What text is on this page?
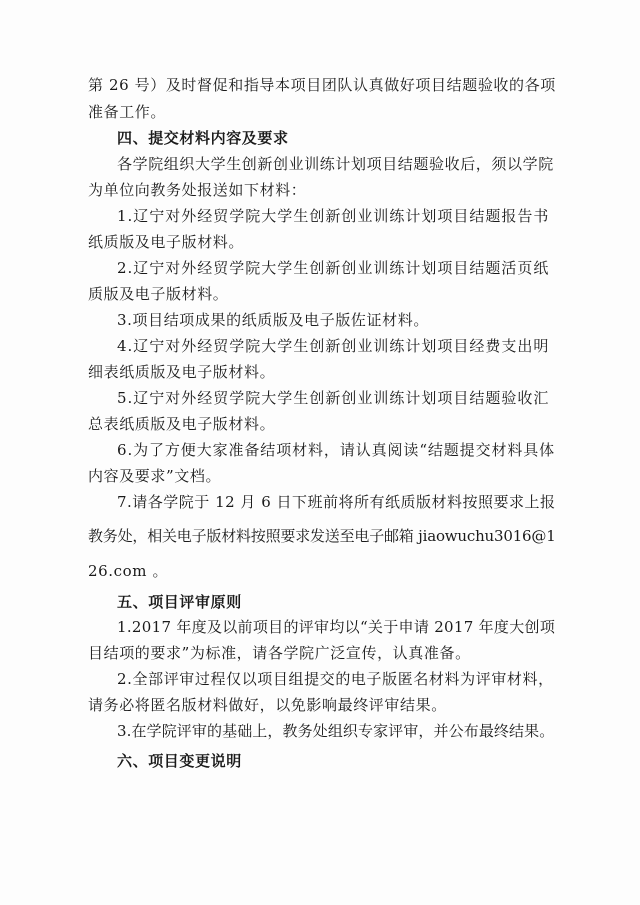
第 26 号）及时督促和指导本项目团队认真做好项目结题验收的各项
准备工作。
四、提交材料内容及要求
各学院组织大学生创新创业训练计划项目结题验收后，须以学院
为单位向教务处报送如下材料：
1.辽宁对外经贸学院大学生创新创业训练计划项目结题报告书
纸质版及电子版材料。
2.辽宁对外经贸学院大学生创新创业训练计划项目结题活页纸
质版及电子版材料。
3.项目结项成果的纸质版及电子版佐证材料。
4.辽宁对外经贸学院大学生创新创业训练计划项目经费支出明
细表纸质版及电子版材料。
5.辽宁对外经贸学院大学生创新创业训练计划项目结题验收汇
总表纸质版及电子版材料。
6.为了方便大家准备结项材料，请认真阅读“结题提交材料具体
内容及要求”文档。
7.请各学院于 12 月 6 日下班前将所有纸质版材料按照要求上报
教务处，相关电子版材料按照要求发送至电子邮箱 jiaowuchu3016@1
26.com 。
五、项目评审原则
1.2017 年度及以前项目的评审均以“关于申请 2017 年度大创项
目结项的要求”为标准，请各学院广泛宣传，认真准备。
2.全部评审过程仅以项目组提交的电子版匿名材料为评审材料，
请务必将匿名版材料做好，以免影响最终评审结果。
3.在学院评审的基础上，教务处组织专家评审，并公布最终结果。
六、项目变更说明
